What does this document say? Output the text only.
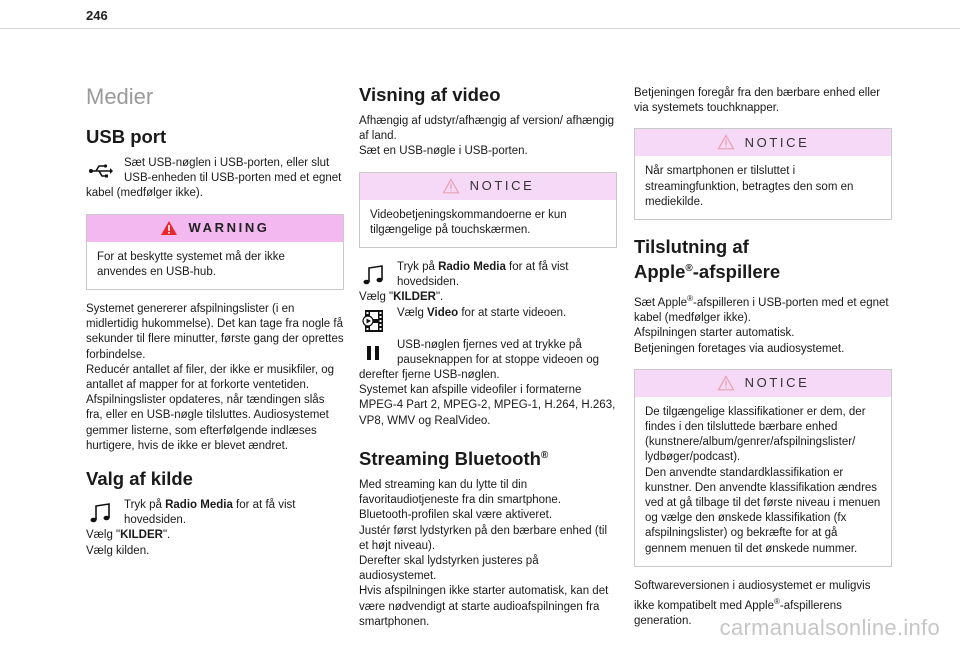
246
Medier
USB port
Sæt USB-nøglen i USB-porten, eller slut USB-enheden til USB-porten med et egnet kabel (medfølger ikke).
WARNING
For at beskytte systemet må der ikke anvendes en USB-hub.

Systemet genererer afspilningslister (i en midlertidig hukommelse). Det kan tage fra nogle få sekunder til flere minutter, første gang der oprettes forbindelse.

Reducér antallet af filer, der ikke er musikfiler, og antallet af mapper for at forkorte ventetiden.

Afspilningslister opdateres, når tændingen slås fra, eller en USB-nøgle tilsluttes. Audiosystemet gemmer listerne, som efterfølgende indlæses hurtigere, hvis de ikke er blevet ændret.

Valg af kilde
Tryk på Radio Media for at få vist hovedsiden.

Vælg "KILDER".

Vælg kilden.

Visning af video

Afhængig af udstyr/afhængig af version/ afhængig af land.

Sæt en USB-nøgle i USB-porten.

NOTICE
Videobetjeningskommandoerne er kun tilgængelige på touchskærmen.
Tryk på Radio Media for at få vist hovedsiden.

Vælg "KILDER".

Vælg Video for at starte videoen.
USB-nøglen fjernes ved at trykke på pauseknappen for at stoppe videoen og derefter fjerne USB-nøglen.

Systemet kan afspille videofiler i formaterne MPEG-4 Part 2, MPEG-2, MPEG-1, H.264, H.263, VP8, WMV og RealVideo.

Streaming Bluetooth®

Med streaming kan du lytte til din favoritaudiotjeneste fra din smartphone.

Bluetooth-profilen skal være aktiveret.

Justér først lydstyrken på den bærbare enhed (til et højt niveau).

Derefter skal lydstyrken justeres på audiosystemet.

Hvis afspilningen ikke starter automatisk, kan det være nødvendigt at starte audioafspilningen fra smartphonen.

Betjeningen foregår fra den bærbare enhed eller via systemets touchknapper.

NOTICE
Når smartphonen er tilsluttet i streamingfunktion, betragtes den som en mediekilde.
Tilslutning af
Apple®-afspillere

Sæt Apple®-afspilleren i USB-porten med et egnet kabel (medfølger ikke).

Afspilningen starter automatisk.

Betjeningen foretages via audiosystemet.

NOTICE
De tilgængelige klassifikationer er dem, der findes i den tilsluttede bærbare enhed (kunstnere/album/genrer/afspilningslister/ lydbøger/podcast).
Den anvendte standardklassifikation er kunstner. Den anvendte klassifikation ændres ved at gå tilbage til det første niveau i menuen og vælge den ønskede klassifikation (fx afspilningslister) og bekræfte for at gå gennem menuen til det ønskede nummer.

Softwareversionen i audiosystemet er muligvis ikke kompatibelt med Apple®-afspillerens generation.	carmanualsonline.info
